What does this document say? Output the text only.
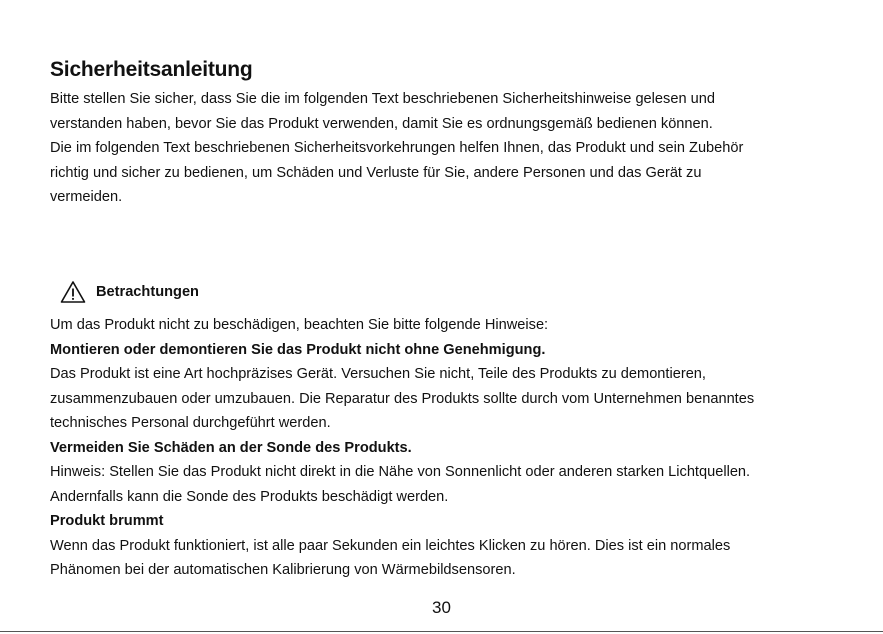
Sicherheitsanleitung
Bitte stellen Sie sicher, dass Sie die im folgenden Text beschriebenen Sicherheitshinweise gelesen und
verstanden haben, bevor Sie das Produkt verwenden, damit Sie es ordnungsgemäß bedienen können.
Die im folgenden Text beschriebenen Sicherheitsvorkehrungen helfen Ihnen, das Produkt und sein Zubehör
richtig und sicher zu bedienen, um Schäden und Verluste für Sie, andere Personen und das Gerät zu
vermeiden.
Betrachtungen
Um das Produkt nicht zu beschädigen, beachten Sie bitte folgende Hinweise:
Montieren oder demontieren Sie das Produkt nicht ohne Genehmigung.
Das Produkt ist eine Art hochpräzises Gerät. Versuchen Sie nicht, Teile des Produkts zu demontieren,
zusammenzubauen oder umzubauen. Die Reparatur des Produkts sollte durch vom Unternehmen benanntes
technisches Personal durchgeführt werden.
Vermeiden Sie Schäden an der Sonde des Produkts.
Hinweis: Stellen Sie das Produkt nicht direkt in die Nähe von Sonnenlicht oder anderen starken Lichtquellen.
Andernfalls kann die Sonde des Produkts beschädigt werden.
Produkt brummt
Wenn das Produkt funktioniert, ist alle paar Sekunden ein leichtes Klicken zu hören. Dies ist ein normales
Phänomen bei der automatischen Kalibrierung von Wärmebildsensoren.
30
